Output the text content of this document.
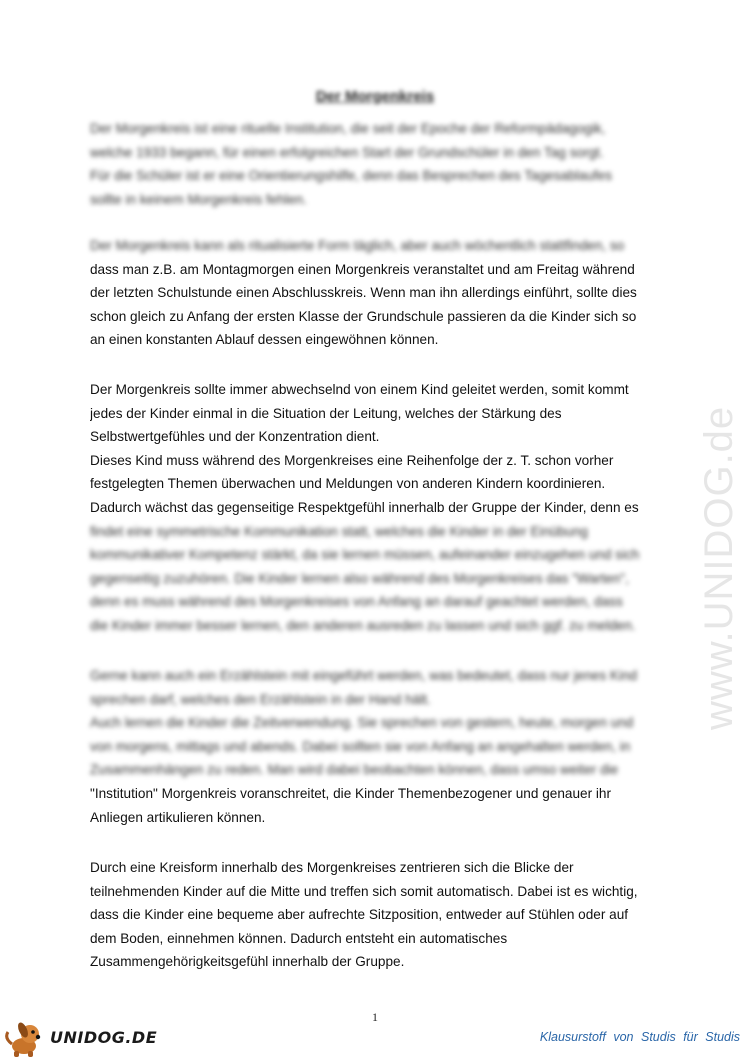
www.UNIDOG.de
Der Morgenkreis

Der Morgenkreis ist eine rituelle Institution, die seit der Epoche der Reformpädagogik,
welche 1933 begann, für einen erfolgreichen Start der Grundschüler in den Tag sorgt.
Für die Schüler ist er eine Orientierungshilfe, denn das Besprechen des Tagesablaufes
sollte in keinem Morgenkreis fehlen.

Der Morgenkreis kann als ritualisierte Form täglich, aber auch wöchentlich stattfinden, so
dass man z.B. am Montagmorgen einen Morgenkreis veranstaltet und am Freitag während
der letzten Schulstunde einen Abschlusskreis. Wenn man ihn allerdings einführt, sollte dies
schon gleich zu Anfang der ersten Klasse der Grundschule passieren da die Kinder sich so
an einen konstanten Ablauf dessen eingewöhnen können.

Der Morgenkreis sollte immer abwechselnd von einem Kind geleitet werden, somit kommt
jedes der Kinder einmal in die Situation der Leitung, welches der Stärkung des
Selbstwertgefühles und der Konzentration dient.
Dieses Kind muss während des Morgenkreises eine Reihenfolge der z. T. schon vorher
festgelegten Themen überwachen und Meldungen von anderen Kindern koordinieren.
Dadurch wächst das gegenseitige Respektgefühl innerhalb der Gruppe der Kinder, denn es
findet eine symmetrische Kommunikation statt, welches die Kinder in der Einübung
kommunikativer Kompetenz stärkt, da sie lernen müssen, aufeinander einzugehen und sich
gegenseitig zuzuhören. Die Kinder lernen also während des Morgenkreises das "Warten",
denn es muss während des Morgenkreises von Anfang an darauf geachtet werden, dass
die Kinder immer besser lernen, den anderen ausreden zu lassen und sich ggf. zu melden.

Gerne kann auch ein Erzählstein mit eingeführt werden, was bedeutet, dass nur jenes Kind
sprechen darf, welches den Erzählstein in der Hand hält.
Auch lernen die Kinder die Zeitverwendung. Sie sprechen von gestern, heute, morgen und
von morgens, mittags und abends. Dabei sollten sie von Anfang an angehalten werden, in
Zusammenhängen zu reden. Man wird dabei beobachten können, dass umso weiter die
"Institution" Morgenkreis voranschreitet, die Kinder Themenbezogener und genauer ihr
Anliegen artikulieren können.

Durch eine Kreisform innerhalb des Morgenkreises zentrieren sich die Blicke der
teilnehmenden Kinder auf die Mitte und treffen sich somit automatisch. Dabei ist es wichtig,
dass die Kinder eine bequeme aber aufrechte Sitzposition, entweder auf Stühlen oder auf
dem Boden, einnehmen können. Dadurch entsteht ein automatisches
Zusammengehörigkeitsgefühl innerhalb der Gruppe.

1
UNIDOG.DE	Klausurstoff von Studis für Studis
